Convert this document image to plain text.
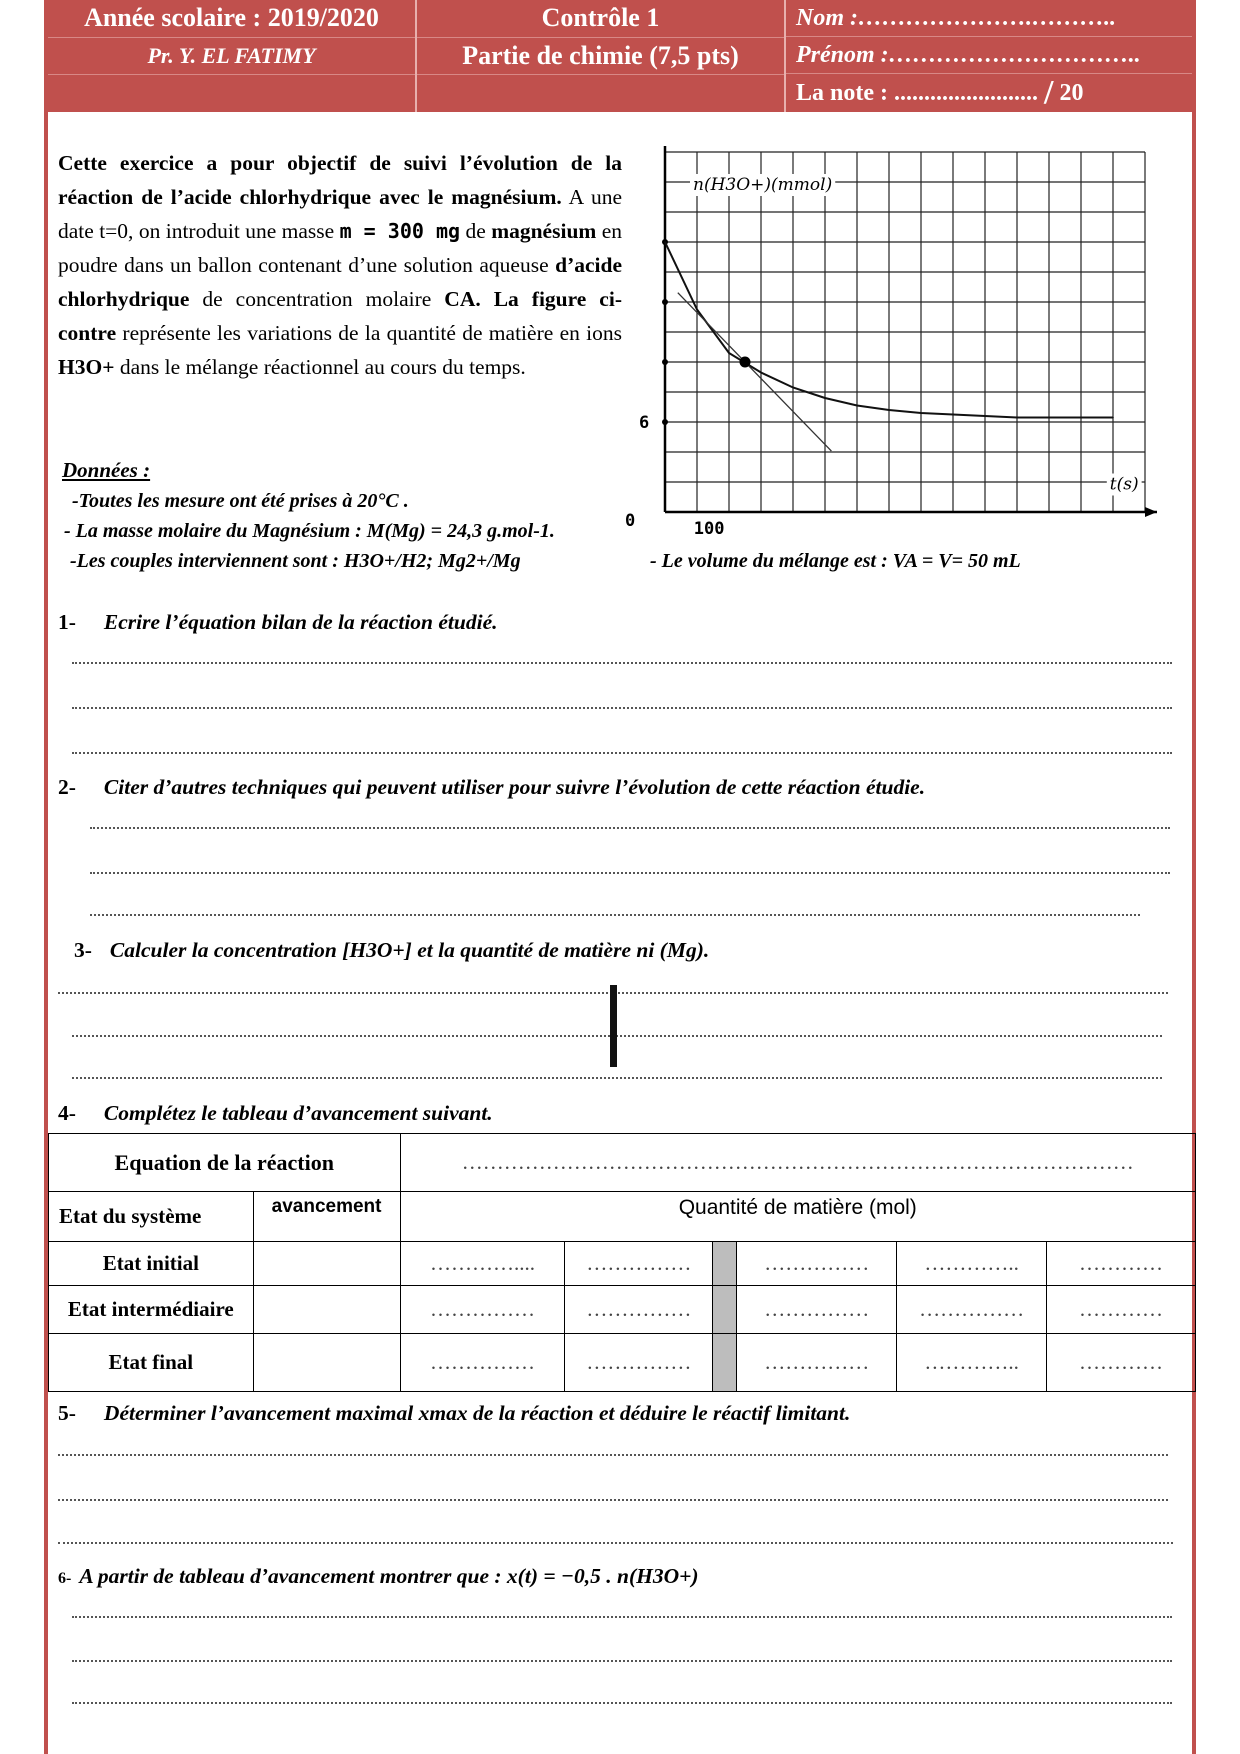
Année scolaire : 2019/2020
Pr. Y. EL FATIMY
Contrôle 1
Partie de chimie (7,5 pts)
Nom :………………….………..
Prénom :…………………………..
La note : ........................ / 20
Cette exercice a pour objectif de suivi l’évolution de la réaction de l’acide chlorhydrique avec le magnésium. A une date t=0, on introduit une masse m = 300 mg de magnésium en poudre dans un ballon contenant d’une solution aqueuse d’acide chlorhydrique de concentration molaire CA. La figure ci-contre représente les variations de la quantité de matière en ions H3O+ dans le mélange réactionnel au cours du temps.
Données :
-Toutes les mesure ont été prises à 20°C .
- La masse molaire du Magnésium : M(Mg) = 24,3 g.mol-1.
-Les couples interviennent sont : H3O+/H2; Mg2+/Mg	- Le volume du mélange est : VA = V= 50 mL
n(H3O+)(mmol)
t(s)
100
6
0
1- Ecrire l’équation bilan de la réaction étudié.
2- Citer d’autres techniques qui peuvent utiliser pour suivre l’évolution de cette réaction étudie.
3- Calculer la concentration [H3O+] et la quantité de matière ni (Mg).
4- Complétez le tableau d’avancement suivant.
Equation de la réaction		……………………………………………………………………………………					
Etat du système	avancement	Quantité de matière (mol)					
Etat initial		…………....	……………		……………	…………..	…………
Etat intermédiaire		……………	……………		……………	……………	…………
Etat final		……………	……………		……………	…………..	…………
5- Déterminer l’avancement maximal xmax de la réaction et déduire le réactif limitant.
6- A partir de tableau d’avancement montrer que : x(t) = −0,5 . n(H3O+)
